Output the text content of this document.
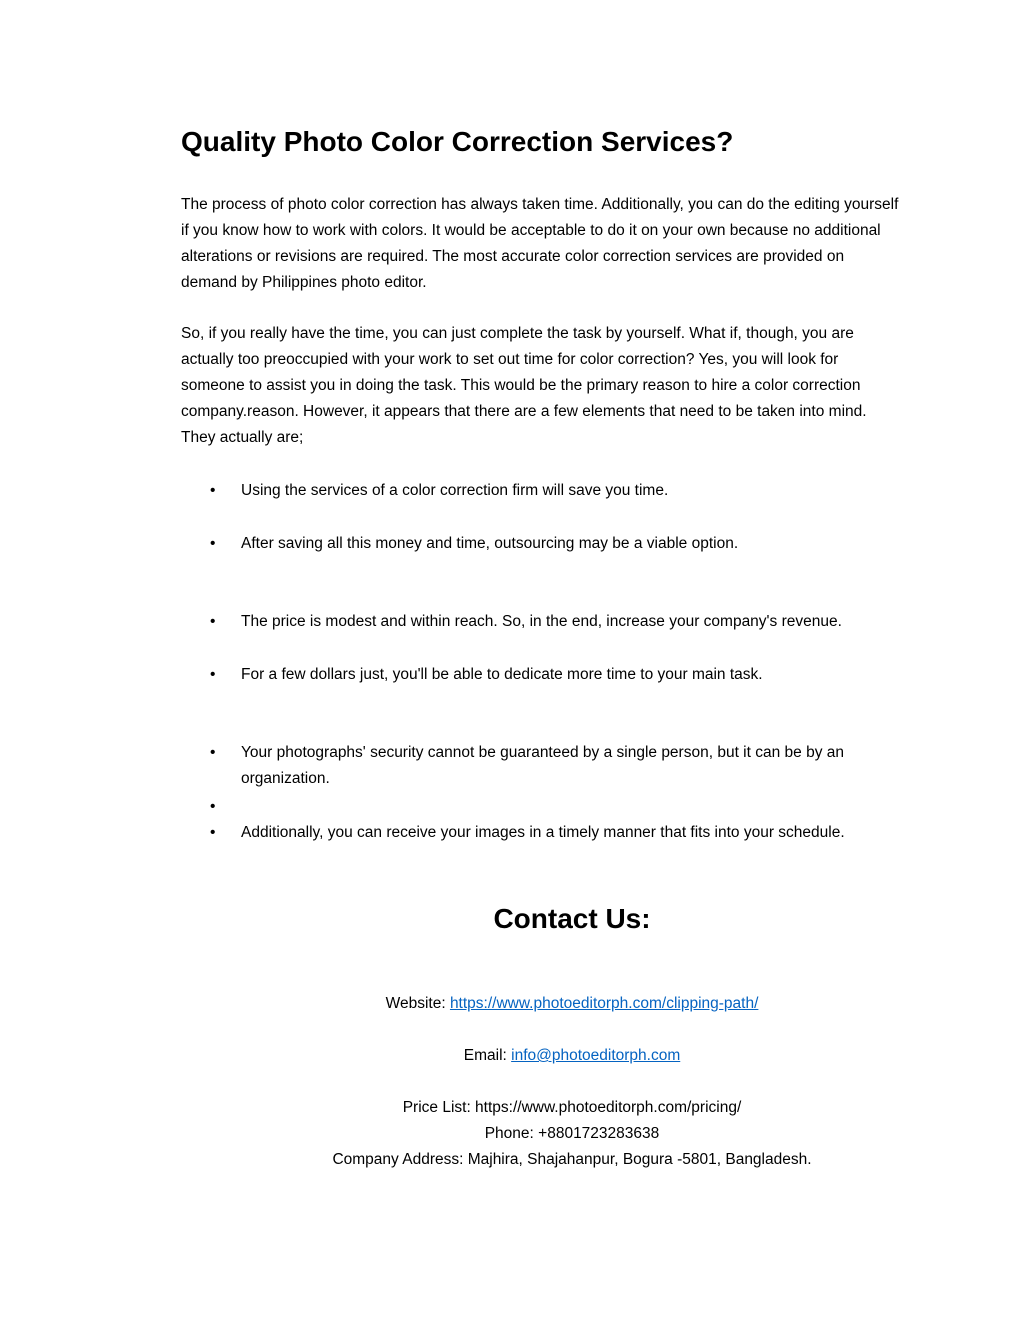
Quality Photo Color Correction Services?

The process of photo color correction has always taken time. Additionally, you can do the editing yourself if you know how to work with colors. It would be acceptable to do it on your own because no additional alterations or revisions are required. The most accurate color correction services are provided on demand by Philippines photo editor.

So, if you really have the time, you can just complete the task by yourself. What if, though, you are actually too preoccupied with your work to set out time for color correction? Yes, you will look for someone to assist you in doing the task. This would be the primary reason to hire a color correction company.reason. However, it appears that there are a few elements that need to be taken into mind. They actually are;

•	Using the services of a color correction firm will save you time.
•	After saving all this money and time, outsourcing may be a viable option.
•	The price is modest and within reach. So, in the end, increase your company's revenue.
•	For a few dollars just, you'll be able to dedicate more time to your main task.
•	Your photographs' security cannot be guaranteed by a single person, but it can be by an organization.
•
•	Additionally, you can receive your images in a timely manner that fits into your schedule.
Contact Us:
Website: https://www.photoeditorph.com/clipping-path/
Email: info@photoeditorph.com
Price List: https://www.photoeditorph.com/pricing/
Phone: +8801723283638
Company Address: Majhira, Shajahanpur, Bogura -5801, Bangladesh.
